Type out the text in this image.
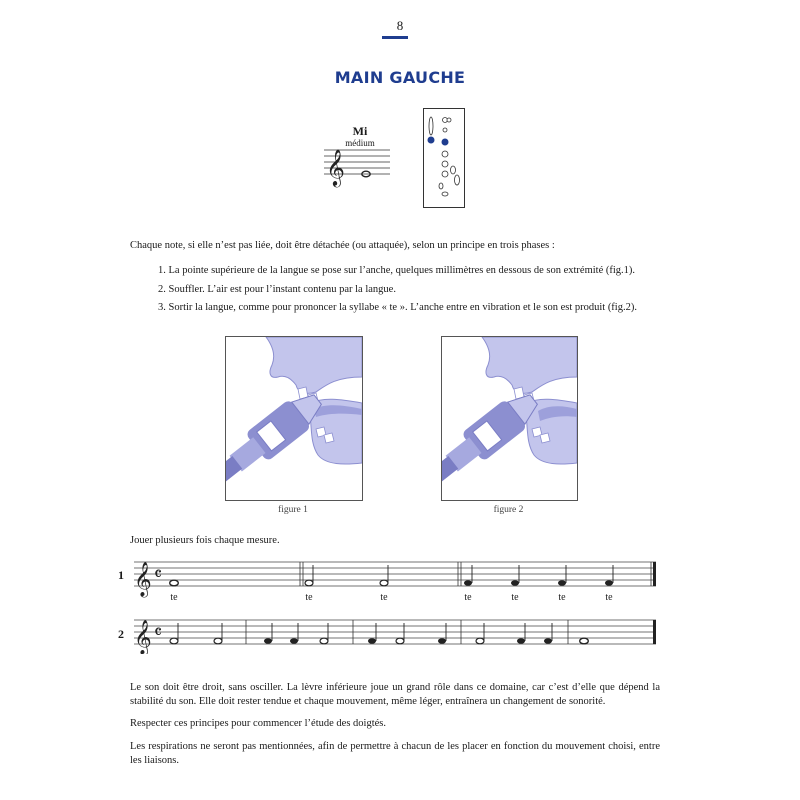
8
MAIN GAUCHE
Mi
médium
𝄞
Chaque note, si elle n’est pas liée, doit être détachée (ou attaquée), selon un principe en trois phases :
1. La pointe supérieure de la langue se pose sur l’anche, quelques millimètres en dessous de son extrémité (fig.1).
2. Souffler. L’air est pour l’instant contenu par la langue.
3. Sortir la langue, comme pour prononcer la syllabe « te ». L’anche entre en vibration et le son est produit (fig.2).
figure 1	figure 2
Jouer plusieurs fois chaque mesure.
1 𝄞 𝄴
te	te	te	te	te	te	te
2 𝄞 𝄴
Le son doit être droit, sans osciller. La lèvre inférieure joue un grand rôle dans ce domaine, car c’est d’elle que dépend la stabilité du son. Elle doit rester tendue et chaque mouvement, même léger, entraînera un changement de sonorité.
Respecter ces principes pour commencer l’étude des doigtés.
Les respirations ne seront pas mentionnées, afin de permettre à chacun de les placer en fonction du mouvement choisi, entre les liaisons.
